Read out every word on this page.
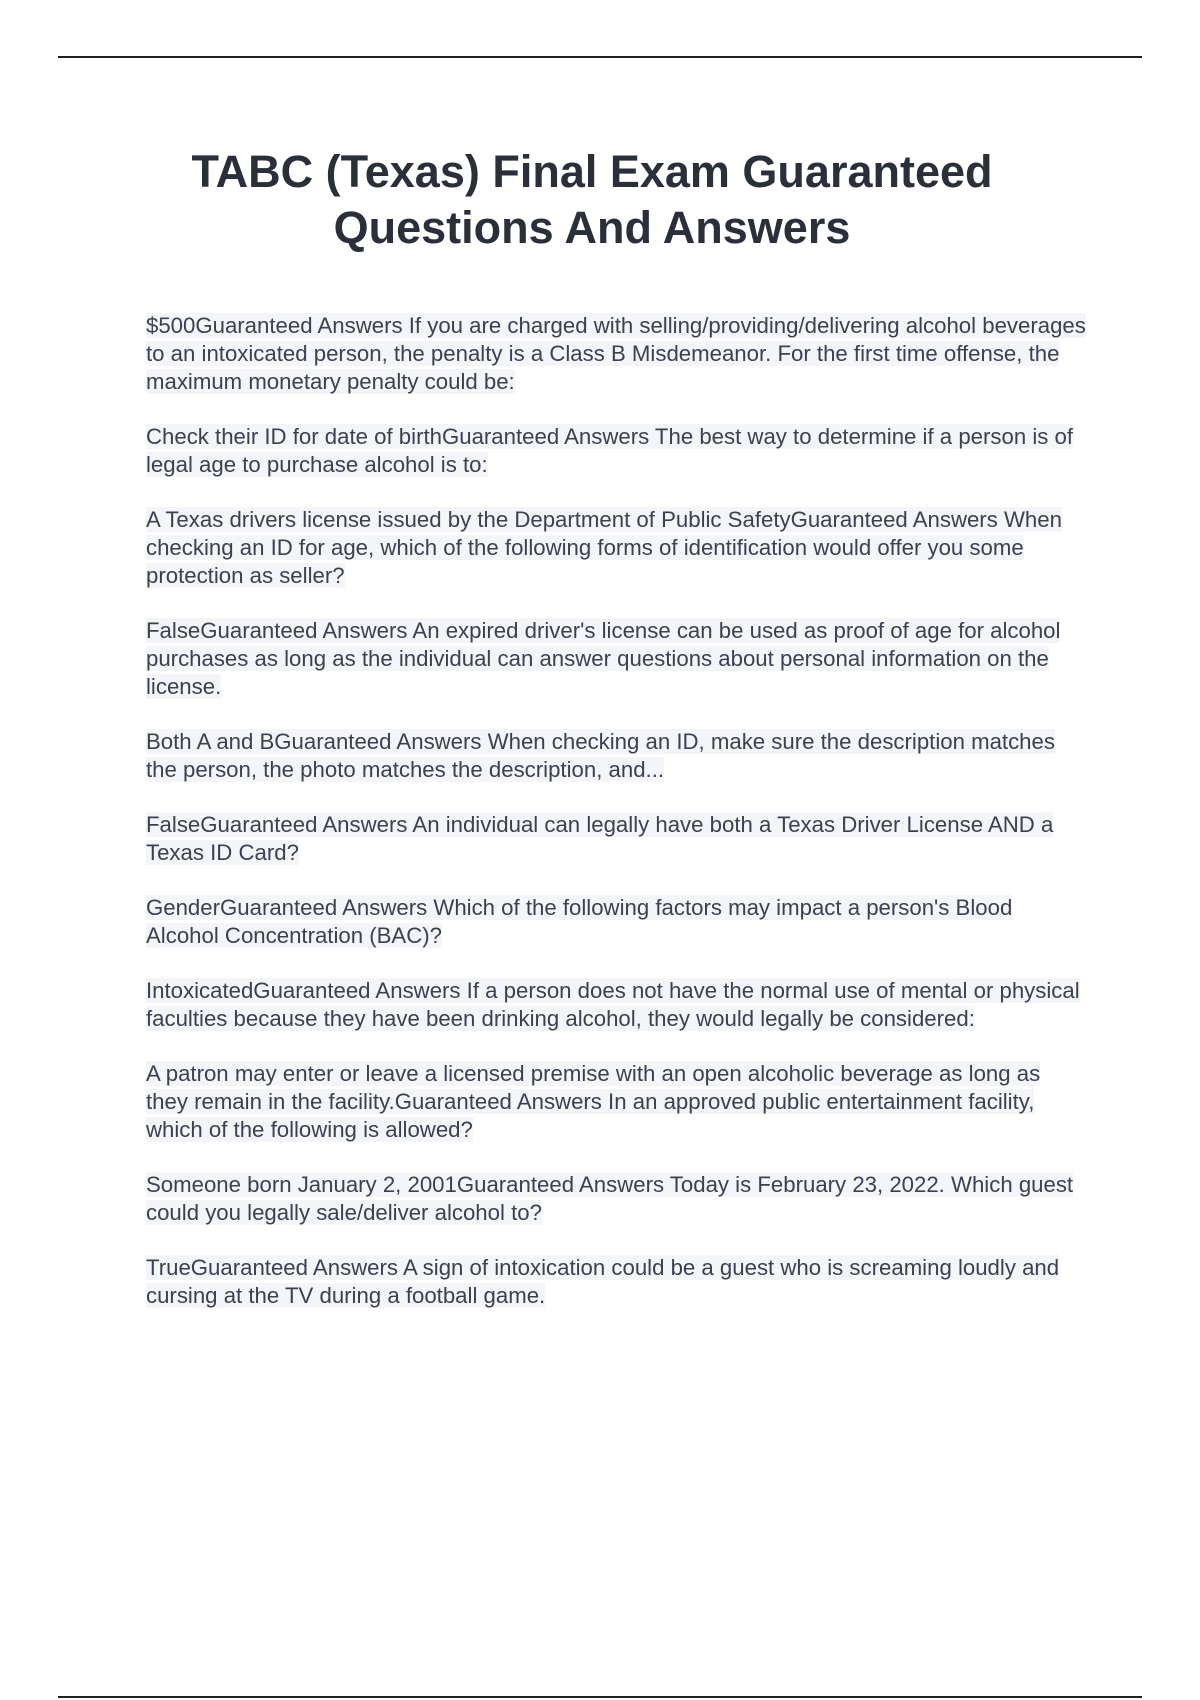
TABC (Texas) Final Exam Guaranteed Questions And Answers

$500Guaranteed Answers If you are charged with selling/providing/delivering alcohol beverages to an intoxicated person, the penalty is a Class B Misdemeanor. For the first time offense, the maximum monetary penalty could be:

Check their ID for date of birthGuaranteed Answers The best way to determine if a person is of legal age to purchase alcohol is to:

A Texas drivers license issued by the Department of Public SafetyGuaranteed Answers When checking an ID for age, which of the following forms of identification would offer you some protection as seller?

FalseGuaranteed Answers An expired driver's license can be used as proof of age for alcohol purchases as long as the individual can answer questions about personal information on the license.

Both A and BGuaranteed Answers When checking an ID, make sure the description matches the person, the photo matches the description, and...

FalseGuaranteed Answers An individual can legally have both a Texas Driver License AND a Texas ID Card?

GenderGuaranteed Answers Which of the following factors may impact a person's Blood Alcohol Concentration (BAC)?

IntoxicatedGuaranteed Answers If a person does not have the normal use of mental or physical faculties because they have been drinking alcohol, they would legally be considered:

A patron may enter or leave a licensed premise with an open alcoholic beverage as long as they remain in the facility.Guaranteed Answers In an approved public entertainment facility, which of the following is allowed?

Someone born January 2, 2001Guaranteed Answers Today is February 23, 2022. Which guest could you legally sale/deliver alcohol to?

TrueGuaranteed Answers A sign of intoxication could be a guest who is screaming loudly and cursing at the TV during a football game.
